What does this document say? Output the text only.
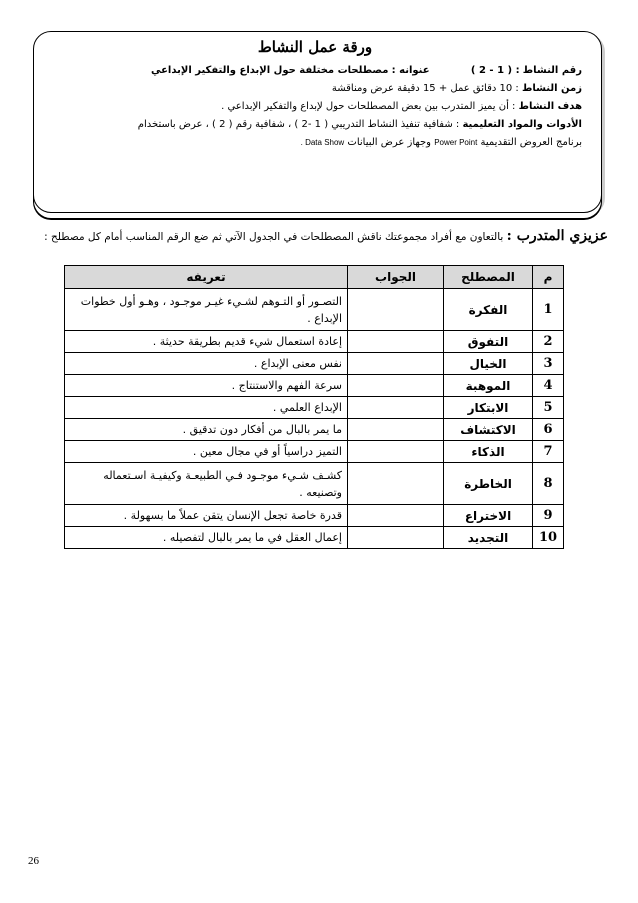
ورقة عمل النشاط
رقم النشاط : ( 1 - 2 )             عنوانه : مصطلحات مختلفة حول الإبداع والتفكير الإبداعي
زمن النشاط : 10 دقائق عمل + 15 دقيقة عرض ومناقشة
هدف النشاط : أن يميز المتدرب بين بعض المصطلحات حول لإبداع والتفكير الإبداعي .
الأدوات والمواد التعليمية : شفافية تنفيذ النشاط التدريبي ( 1 -2 ) ، شفافية رقم ( 2 ) ، عرض باستخدام
برنامج العروض التقديمية Power Point وجهاز عرض البيانات Data Show .
عزيزي المتدرب : بالتعاون مع أفراد مجموعتك ناقش المصطلحات في الجدول الآتي ثم ضع الرقم المناسب أمام كل مصطلح :
م	المصطلح	الجواب	تعريفه
1	الفكرة		التصـور أو التـوهم لشـيء غيـر موجـود ، وهـو أول خطوات الإبداع .
2	التفوق		إعادة استعمال شيء قديم بطريقة حديثة .
3	الخيال		نفس معنى الإبداع .
4	الموهبة		سرعة الفهم والاستنتاج .
5	الابتكار		الإبداع العلمي .
6	الاكتشاف		ما يمر بالبال من أفكار دون تدقيق .
7	الذكاء		التميز دراسياً أو في مجال معين .
8	الخاطرة		كشـف شـيء موجـود فـي الطبيعـة وكيفيـة اسـتعماله وتصنيعه .
9	الاختراع		قدرة خاصة تجعل الإنسان يتقن عملاً ما بسهولة .
10	التجديد		إعمال العقل في ما يمر بالبال لتفصيله .
26
